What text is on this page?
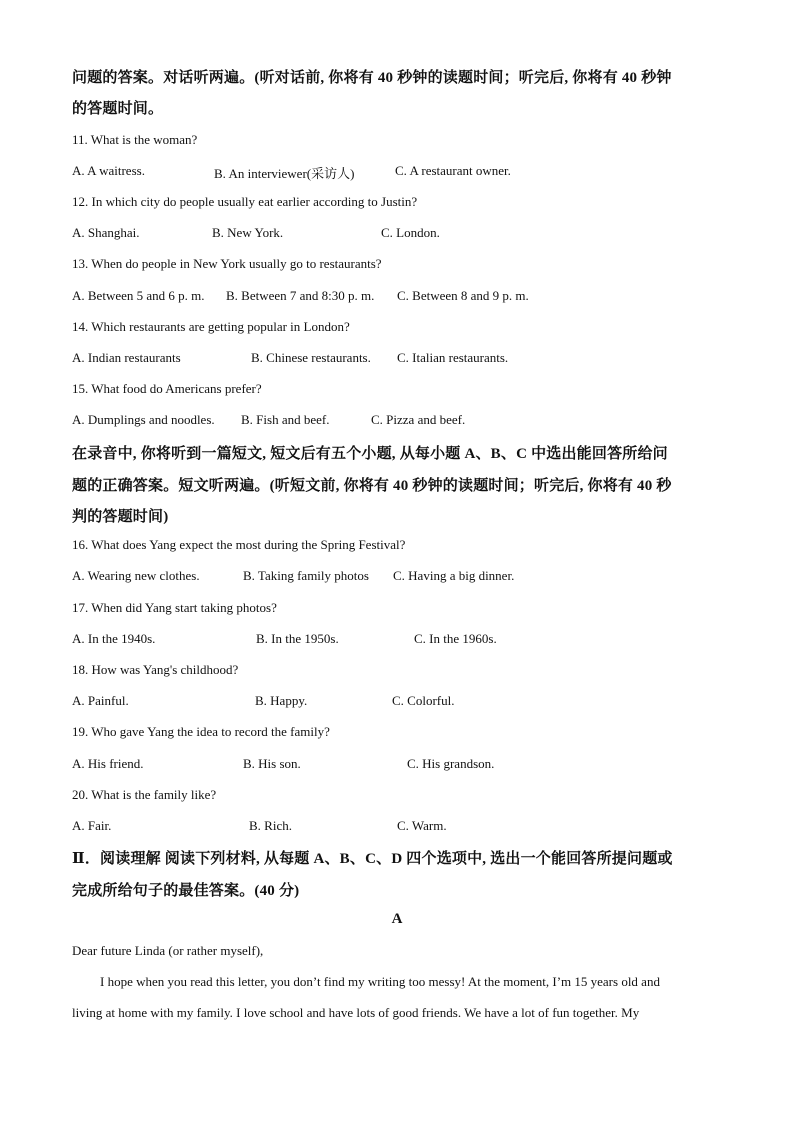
问题的答案。对话听两遍。(听对话前, 你将有 40 秒钟的读题时间；听完后, 你将有 40 秒钟
的答题时间。
11. What is the woman?
A. A waitress.	B. An interviewer(采访人)	C. A restaurant owner.
12. In which city do people usually eat earlier according to Justin?
A. Shanghai.	B. New York.	C. London.
13. When do people in New York usually go to restaurants?
A. Between 5 and 6 p. m. B. Between 7 and 8:30 p. m. C. Between 8 and 9 p. m.
14. Which restaurants are getting popular in London?
A. Indian restaurants	B. Chinese restaurants. C. Italian restaurants.
15. What food do Americans prefer?
A. Dumplings and noodles. B. Fish and beef.	C. Pizza and beef.
在录音中, 你将听到一篇短文, 短文后有五个小题, 从每小题 A、B、C 中选出能回答所给问
题的正确答案。短文听两遍。(听短文前, 你将有 40 秒钟的读题时间；听完后, 你将有 40 秒
判的答题时间)
16. What does Yang expect the most during the Spring Festival?
A. Wearing new clothes.	B. Taking family photos C. Having a big dinner.
17. When did Yang start taking photos?
A. In the 1940s.	B. In the 1950s.	C. In the 1960s.
18. How was Yang's childhood?
A. Painful.	B. Happy.	C. Colorful.
19. Who gave Yang the idea to record the family?
A. His friend.	B. His son.	C. His grandson.
20. What is the family like?
A. Fair.	B. Rich.	C. Warm.
Ⅱ．阅读理解 阅读下列材料, 从每题 A、B、C、D 四个选项中, 选出一个能回答所提问题或
完成所给句子的最佳答案。(40 分)
A
Dear future Linda (or rather myself),
I hope when you read this letter, you don’t find my writing too messy! At the moment, I’m 15 years old and
living at home with my family. I love school and have lots of good friends. We have a lot of fun together. My
